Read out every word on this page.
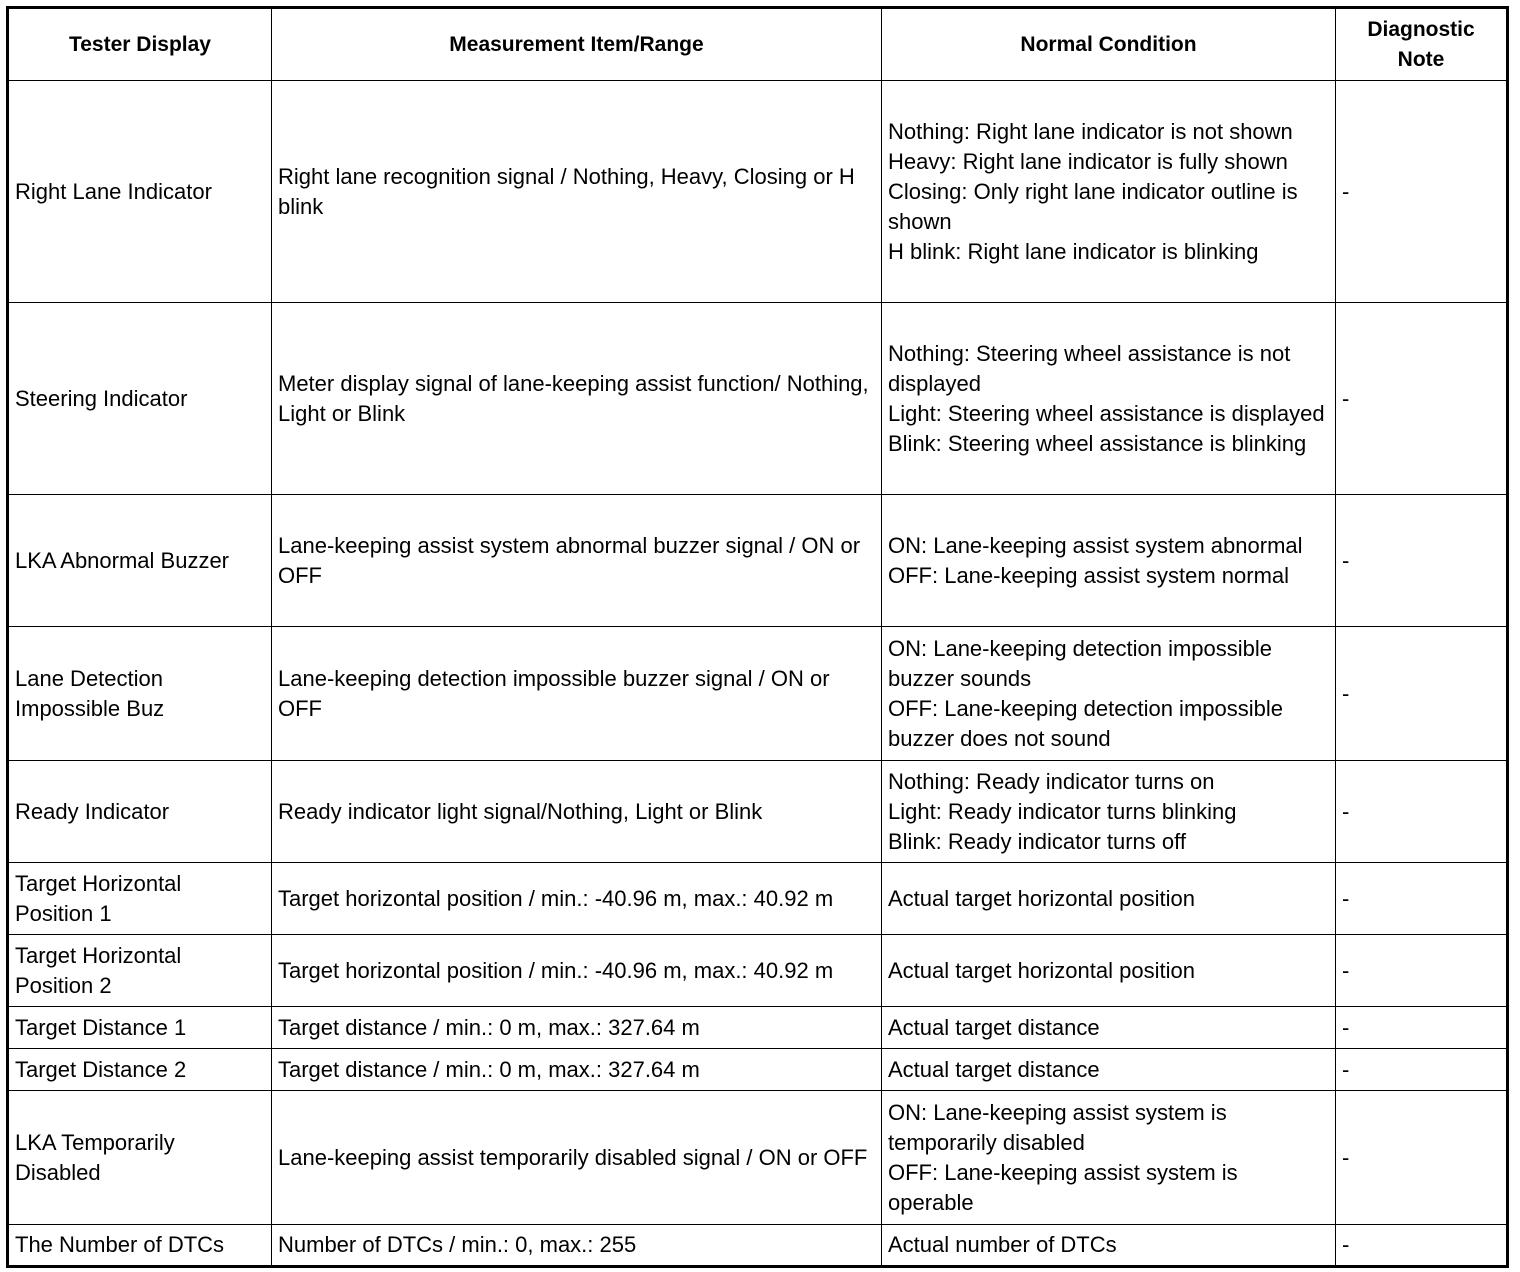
Tester Display	Measurement Item/Range	Normal Condition	Diagnostic Note
Right Lane Indicator	Right lane recognition signal / Nothing, Heavy, Closing or H blink	Nothing: Right lane indicator is not shown
Heavy: Right lane indicator is fully shown
Closing: Only right lane indicator outline is shown
H blink: Right lane indicator is blinking	-
Steering Indicator	Meter display signal of lane-keeping assist function/ Nothing, Light or Blink	Nothing: Steering wheel assistance is not displayed
Light: Steering wheel assistance is displayed
Blink: Steering wheel assistance is blinking	-
LKA Abnormal Buzzer	Lane-keeping assist system abnormal buzzer signal / ON or OFF	ON: Lane-keeping assist system abnormal
OFF: Lane-keeping assist system normal	-
Lane Detection Impossible Buz	Lane-keeping detection impossible buzzer signal / ON or OFF	ON: Lane-keeping detection impossible buzzer sounds
OFF: Lane-keeping detection impossible buzzer does not sound	-
Ready Indicator	Ready indicator light signal/Nothing, Light or Blink	Nothing: Ready indicator turns on
Light: Ready indicator turns blinking
Blink: Ready indicator turns off	-
Target Horizontal Position 1	Target horizontal position / min.: -40.96 m, max.: 40.92 m	Actual target horizontal position	-
Target Horizontal Position 2	Target horizontal position / min.: -40.96 m, max.: 40.92 m	Actual target horizontal position	-
Target Distance 1	Target distance / min.: 0 m, max.: 327.64 m	Actual target distance	-
Target Distance 2	Target distance / min.: 0 m, max.: 327.64 m	Actual target distance	-
LKA Temporarily Disabled	Lane-keeping assist temporarily disabled signal / ON or OFF	ON: Lane-keeping assist system is temporarily disabled
OFF: Lane-keeping assist system is operable	-
The Number of DTCs	Number of DTCs / min.: 0, max.: 255	Actual number of DTCs	-
